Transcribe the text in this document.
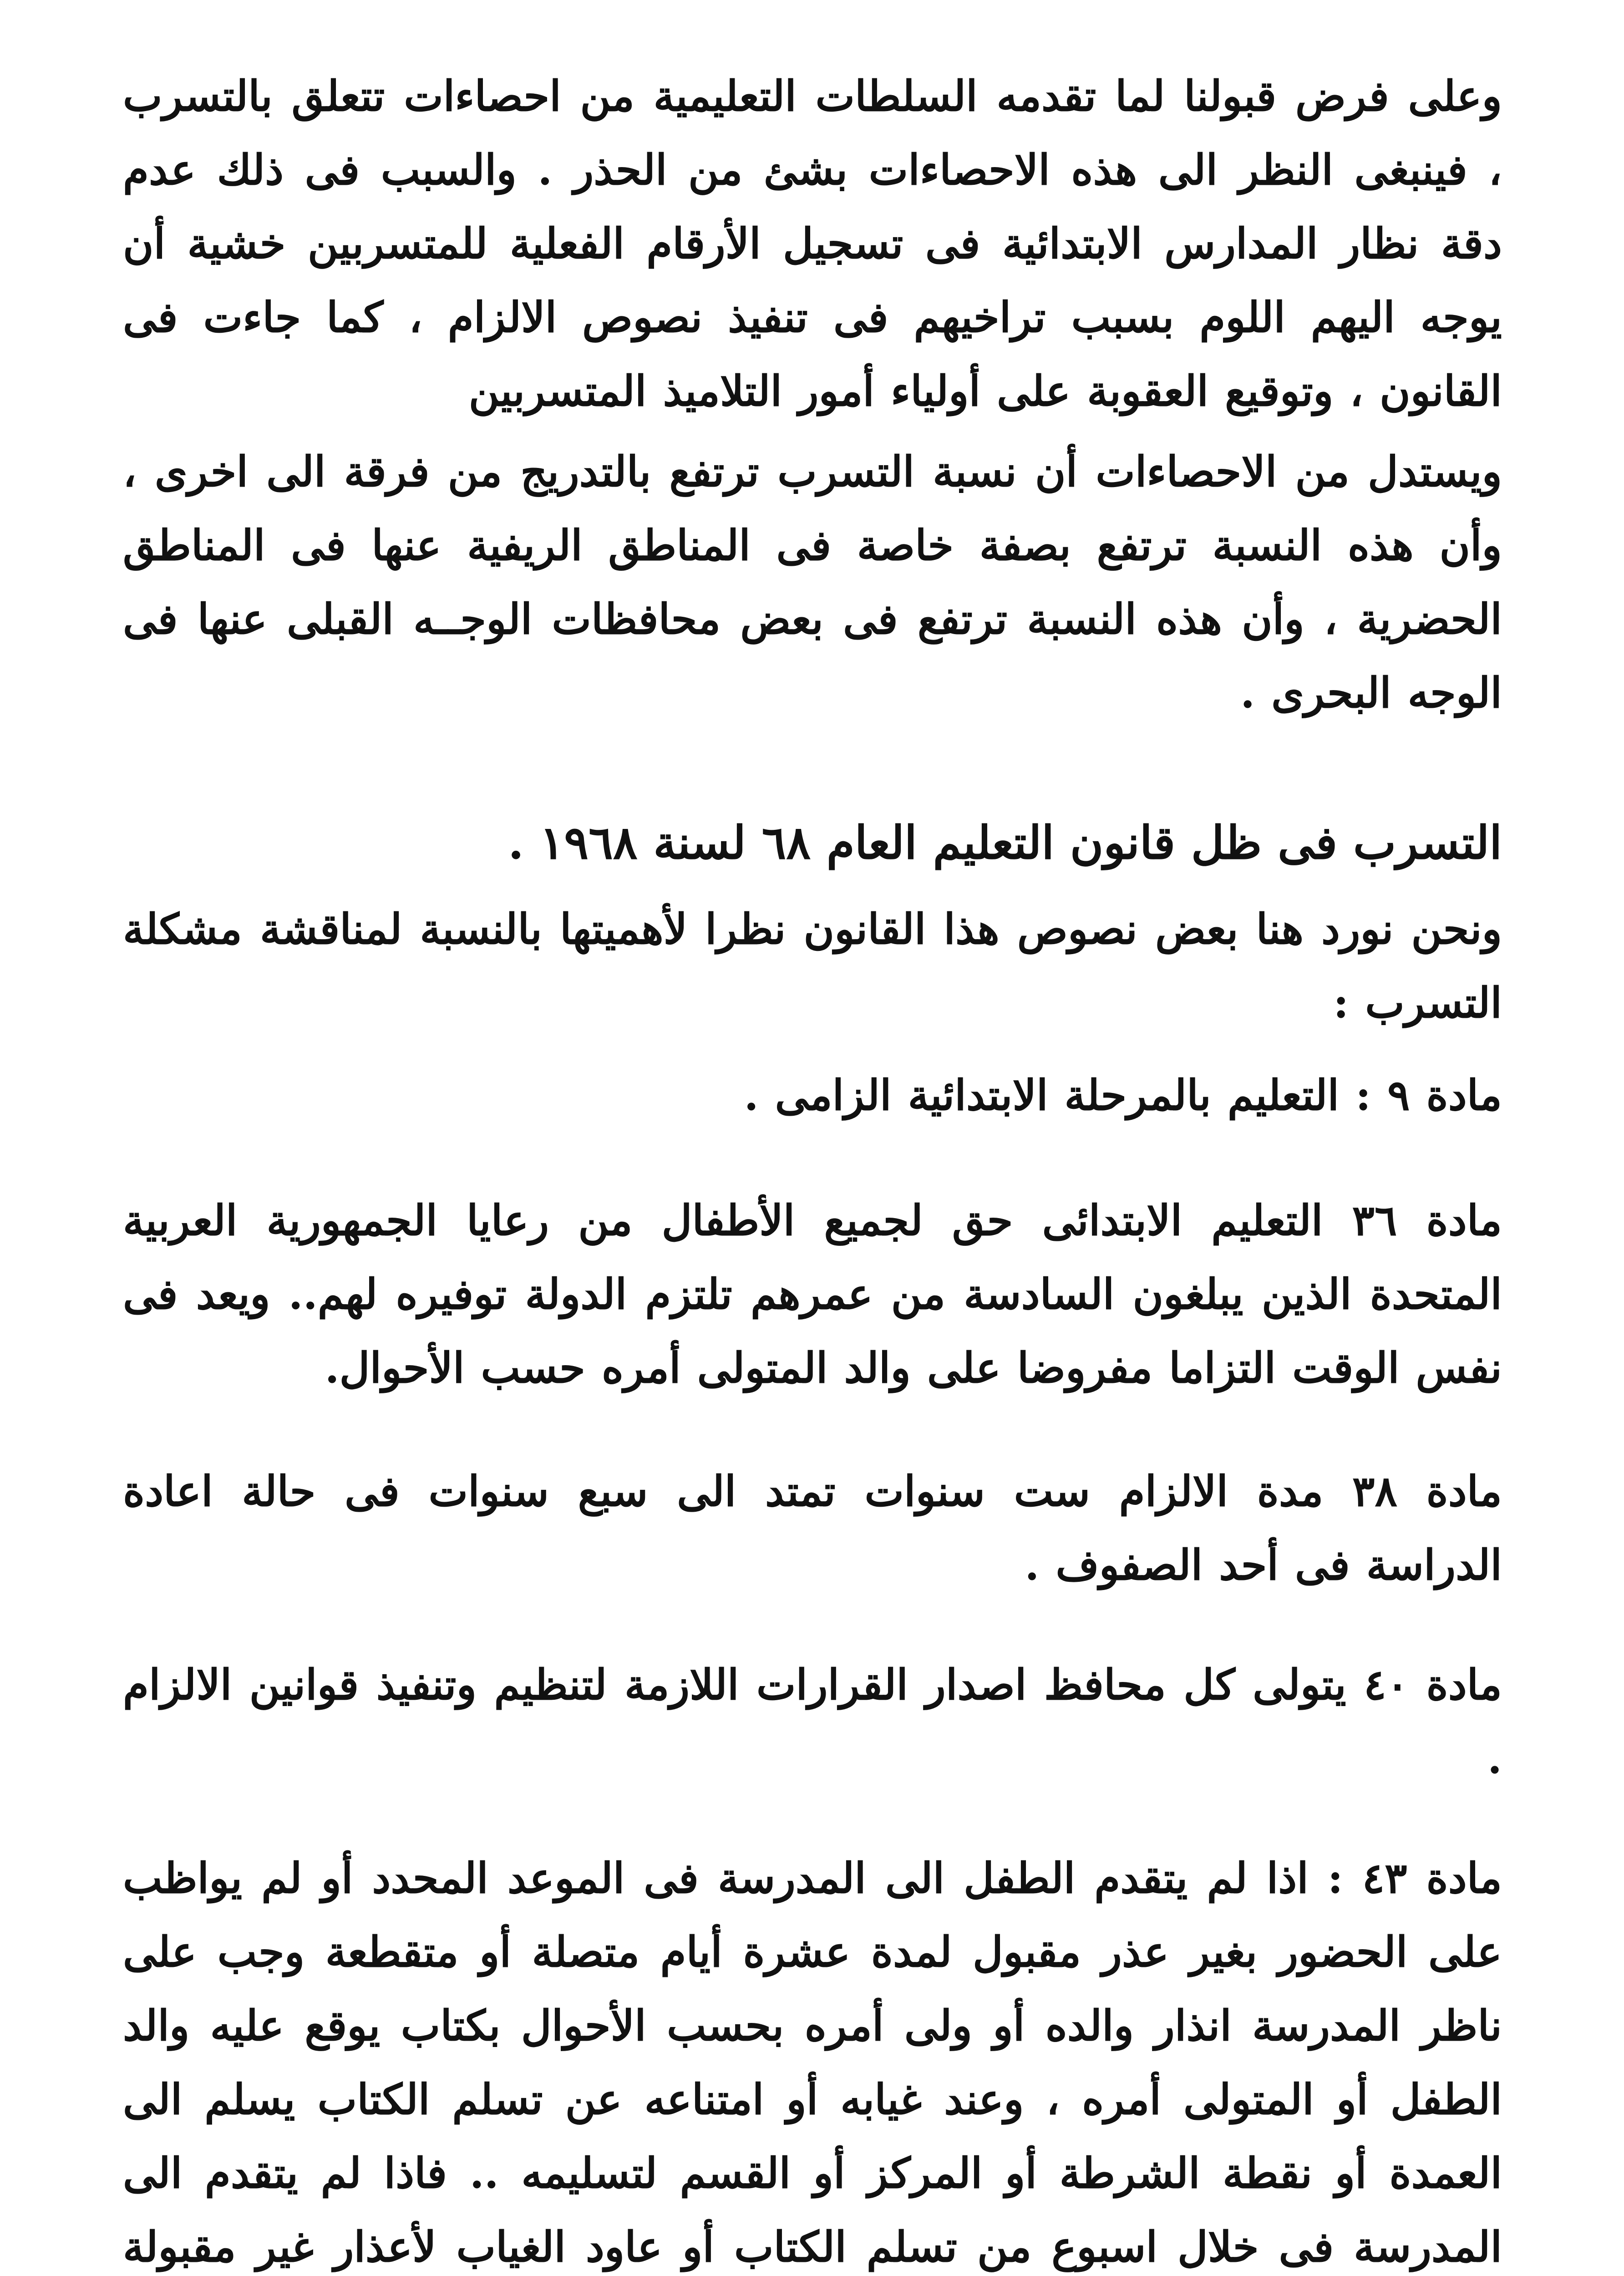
وعلى فرض قبولنا لما تقدمه السلطات التعليمية من احصاءات تتعلق بالتسرب ، فينبغى النظر الى هذه الاحصاءات بشئ من الحذر . والسبب فى ذلك عدم دقة نظار المدارس الابتدائية فى تسجيل الأرقام الفعلية للمتسربين خشية أن يوجه اليهم اللوم بسبب تراخيهم فى تنفيذ نصوص الالزام ، كما جاءت فى القانون ، وتوقيع العقوبة على أولياء أمور التلاميذ المتسربين

ويستدل من الاحصاءات أن نسبة التسرب ترتفع بالتدريج من فرقة الى اخرى ، وأن هذه النسبة ترتفع بصفة خاصة فى المناطق الريفية عنها فى المناطق الحضرية ، وأن هذه النسبة ترتفع فى بعض محافظات الوجــه القبلى عنها فى الوجه البحرى .

التسرب فى ظل قانون التعليم العام ٦٨ لسنة ١٩٦٨ .

ونحن نورد هنا بعض نصوص هذا القانون نظرا لأهميتها بالنسبة لمناقشة مشكلة التسرب :

مادة ٩ : التعليم بالمرحلة الابتدائية الزامى .

مادة ٣٦ التعليم الابتدائى حق لجميع الأطفال من رعايا الجمهورية العربية المتحدة الذين يبلغون السادسة من عمرهم تلتزم الدولة توفيره لهم.. ويعد فى نفس الوقت التزاما مفروضا على والد المتولى أمره حسب الأحوال.

مادة ٣٨ مدة الالزام ست سنوات تمتد الى سبع سنوات فى حالة اعادة الدراسة فى أحد الصفوف .

مادة ٤٠ يتولى كل محافظ اصدار القرارات اللازمة لتنظيم وتنفيذ قوانين الالزام .

مادة ٤٣ : اذا لم يتقدم الطفل الى المدرسة فى الموعد المحدد أو لم يواظب على الحضور بغير عذر مقبول لمدة عشرة أيام متصلة أو متقطعة وجب على ناظر المدرسة انذار والده أو ولى أمره بحسب الأحوال بكتاب يوقع عليه والد الطفل أو المتولى أمره ، وعند غيابه أو امتناعه عن تسلم الكتاب يسلم الى العمدة أو نقطة الشرطة أو المركز أو القسم لتسليمه .. فاذا لم يتقدم الى المدرسة فى خلال اسبوع من تسلم الكتاب أو عاود الغياب لأعذار غير مقبولة
